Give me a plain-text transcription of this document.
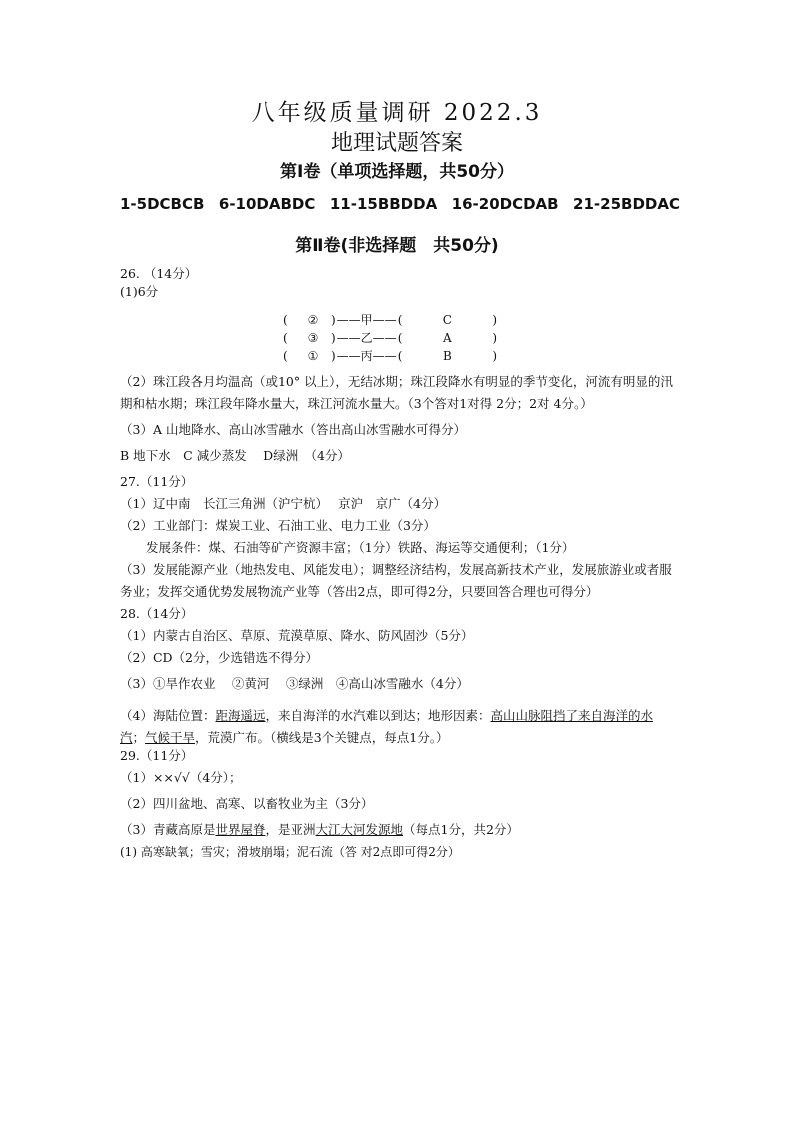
八年级质量调研 2022.3
地理试题答案
第Ⅰ卷（单项选择题，共50分）
1-5DCBCB 6-10DABDC 11-15BBDDA 16-20DCDAB 21-25BDDAC
第Ⅱ卷(非选择题　共50分)

26. （14分）

(1)6分

(	②	) ——甲—— (	C	)
(	③	) ——乙—— (	A	)
(	①	) ——丙—— (	B	)

（2）珠江段各月均温高（或10° 以上），无结冰期；珠江段降水有明显的季节变化，河流有明显的汛期和枯水期；珠江段年降水量大，珠江河流水量大。（3个答对1对得 2分；2对 4分。）

（3）A 山地降水、高山冰雪融水（答出高山冰雪融水可得分）

B 地下水　C 减少蒸发　 D绿洲　（4分）

27.（11分）

（1）辽中南　长江三角洲（沪宁杭）　 京沪　京广（4分）

（2）工业部门：煤炭工业、石油工业、电力工业（3分）

发展条件：煤、石油等矿产资源丰富；（1分）铁路、海运等交通便利；（1分）

（3）发展能源产业（地热发电、风能发电）；调整经济结构，发展高新技术产业，发展旅游业或者服务业；发挥交通优势发展物流产业等（答出2点，即可得2分，只要回答合理也可得分）

28.（14分）

（1）内蒙古自治区、草原、荒漠草原、降水、防风固沙（5分）

（2）CD（2分，少选错选不得分）

（3）①旱作农业　 ②黄河　 ③绿洲　④高山冰雪融水（4分）

（4）海陆位置：距海遥远，来自海洋的水汽难以到达；地形因素：高山山脉阻挡了来自海洋的水汽；气候干旱，荒漠广布。（横线是3个关键点，每点1分。）

29.（11分）

（1）××√√（4分）；

（2）四川盆地、高寒、以畜牧业为主（3分）

（3）青藏高原是世界屋脊，是亚洲大江大河发源地（每点1分，共2分）

(1) 高寒缺氧；雪灾；滑坡崩塌；泥石流（答 对2点即可得2分）
